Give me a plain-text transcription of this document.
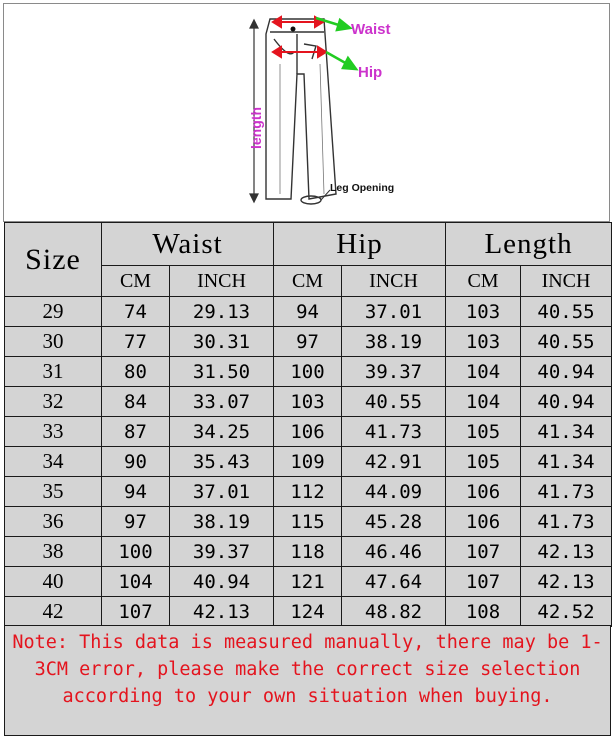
Waist
Hip
length
Leg Opening
Size	Waist		Hip		Length	
	CM	INCH	CM	INCH	CM	INCH
29	74	29.13	94	37.01	103	40.55
30	77	30.31	97	38.19	103	40.55
31	80	31.50	100	39.37	104	40.94
32	84	33.07	103	40.55	104	40.94
33	87	34.25	106	41.73	105	41.34
34	90	35.43	109	42.91	105	41.34
35	94	37.01	112	44.09	106	41.73
36	97	38.19	115	45.28	106	41.73
38	100	39.37	118	46.46	107	42.13
40	104	40.94	121	47.64	107	42.13
42	107	42.13	124	48.82	108	42.52
Note: This data is measured manually, there may be 1-3CM error, please make the correct size selection according to your own situation when buying.
